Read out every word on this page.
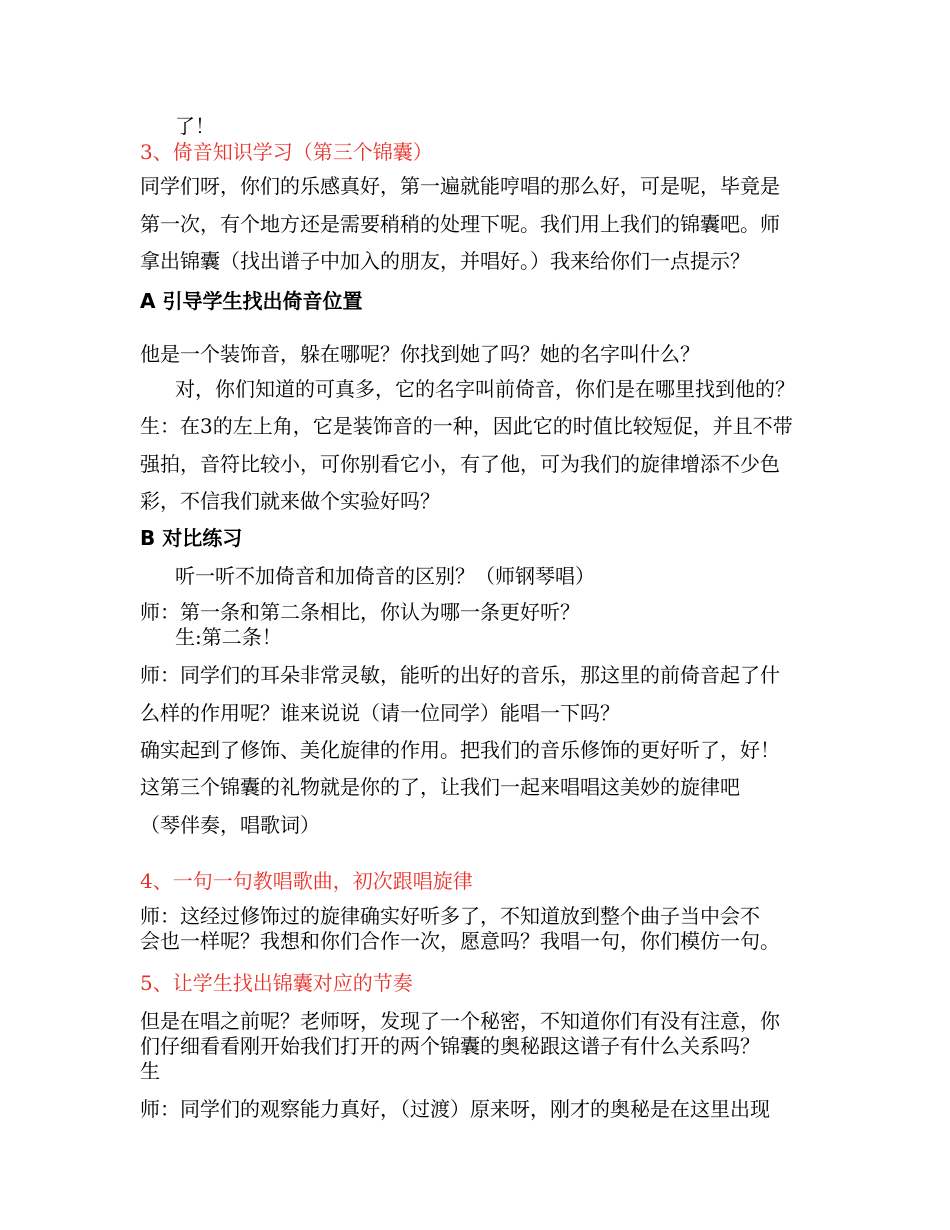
了！

3、倚音知识学习（第三个锦囊）

同学们呀，你们的乐感真好，第一遍就能哼唱的那么好，可是呢，毕竟是

第一次，有个地方还是需要稍稍的处理下呢。我们用上我们的锦囊吧。师

拿出锦囊（找出谱子中加入的朋友，并唱好。）我来给你们一点提示？

A 引导学生找出倚音位置

他是一个装饰音，躲在哪呢？你找到她了吗？她的名字叫什么？

对，你们知道的可真多，它的名字叫前倚音，你们是在哪里找到他的？

生：在3的左上角，它是装饰音的一种，因此它的时值比较短促，并且不带

强拍，音符比较小，可你别看它小，有了他，可为我们的旋律增添不少色

彩，不信我们就来做个实验好吗？

B 对比练习

听一听不加倚音和加倚音的区别？（师钢琴唱）

师：第一条和第二条相比，你认为哪一条更好听？

生:第二条！

师：同学们的耳朵非常灵敏，能听的出好的音乐，那这里的前倚音起了什

么样的作用呢？谁来说说（请一位同学）能唱一下吗？

确实起到了修饰、美化旋律的作用。把我们的音乐修饰的更好听了，好！

这第三个锦囊的礼物就是你的了，让我们一起来唱唱这美妙的旋律吧

（琴伴奏，唱歌词）

4、一句一句教唱歌曲，初次跟唱旋律

师：这经过修饰过的旋律确实好听多了，不知道放到整个曲子当中会不

会也一样呢？我想和你们合作一次，愿意吗？我唱一句，你们模仿一句。

5、让学生找出锦囊对应的节奏

但是在唱之前呢？老师呀，发现了一个秘密，不知道你们有没有注意，你

们仔细看看刚开始我们打开的两个锦囊的奥秘跟这谱子有什么关系吗？

生

师：同学们的观察能力真好，（过渡）原来呀，刚才的奥秘是在这里出现
